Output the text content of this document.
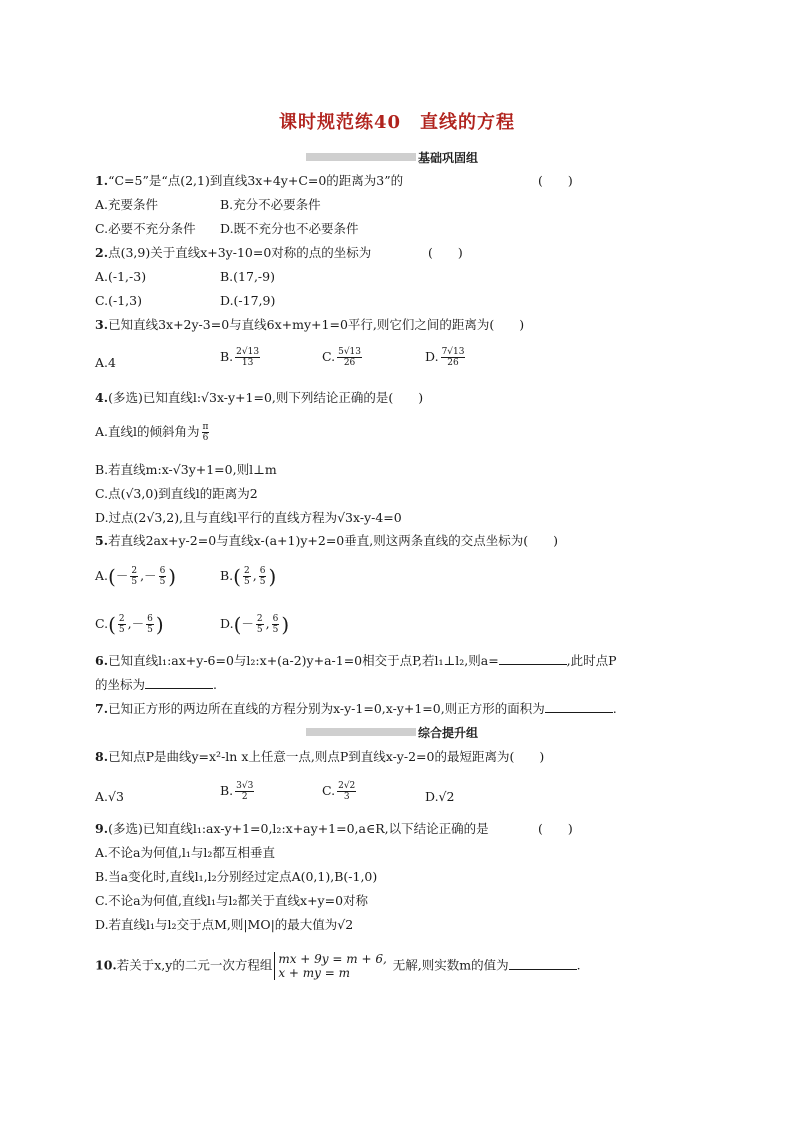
课时规范练40　直线的方程
基础巩固组
1.“C=5”是“点(2,1)到直线3x+4y+C=0的距离为3”的	(　　)
A.充要条件	B.充分不必要条件
C.必要不充分条件 D.既不充分也不必要条件
2.点(3,9)关于直线x+3y-10=0对称的点的坐标为	(　　)
A.(-1,-3)	B.(17,-9)
C.(-1,3)	D.(-17,9)
3.已知直线3x+2y-3=0与直线6x+my+1=0平行,则它们之间的距离为(　　)
A.4	B. $\frac{2√13}{13}$	C. $\frac{5√13}{26}$	D. $\frac{7√13}{26}$
4.(多选)已知直线l:√3x-y+1=0,则下列结论正确的是(　　)
A.直线l的倾斜角为 $\frac{\pi}{6}$
B.若直线m:x-√3y+1=0,则l⊥m
C.点(√3,0)到直线l的距离为2
D.过点(2√3,2),且与直线l平行的直线方程为√3x-y-4=0
5.若直线2ax+y-2=0与直线x-(a+1)y+2=0垂直,则这两条直线的交点坐标为(　　)
$A.(- \frac{2}{5}$ ,－ $\frac{6}{5}$ )	$B.( \frac{2}{5}$ , $\frac{6}{5}$ )
$C.( \frac{2}{5}$ ,－ $\frac{6}{5}$ )	$D.(- \frac{2}{5}$ , $\frac{6}{5}$ )
6.已知直线l₁:ax+y-6=0与l₂:x+(a-2)y+a-1=0相交于点P,若l₁⊥l₂,则a=	,此时点P
的坐标为	.
7.已知正方形的两边所在直线的方程分别为x-y-1=0,x-y+1=0,则正方形的面积为	.
综合提升组
8.已知点P是曲线y=x²-ln x上任意一点,则点P到直线x-y-2=0的最短距离为(　　)
A.√3	B. $\frac{3√3}{2}$	C. $\frac{2√2}{3}$	D.√2
9.(多选)已知直线l₁:ax-y+1=0,l₂:x+ay+1=0,a∈R,以下结论正确的是	(　　)
A.不论a为何值,l₁与l₂都互相垂直
B.当a变化时,直线l₁,l₂分别经过定点A(0,1),B(-1,0)
C.不论a为何值,直线l₁与l₂都关于直线x+y=0对称
D.若直线l₁与l₂交于点M,则|MO|的最大值为√2
10.若关于x,y的二元一次方程组 mx + 9y = m + 6,
x + my = m
无解,则实数m的值为	.
